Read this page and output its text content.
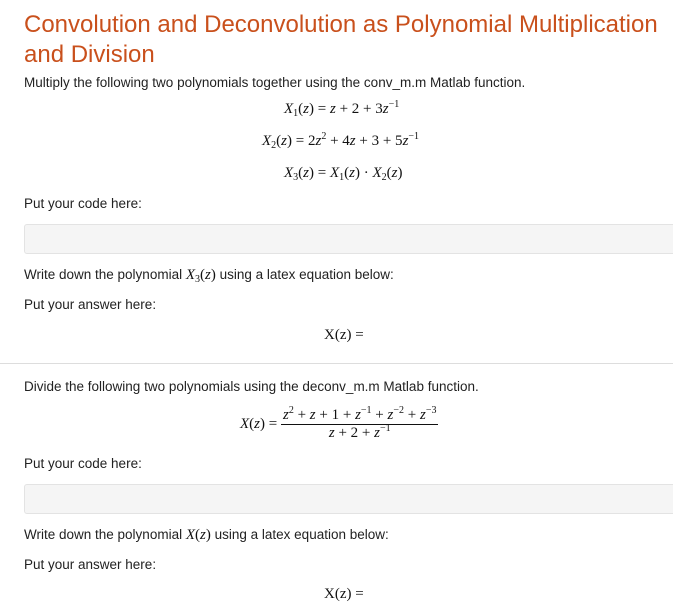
Convolution and Deconvolution as Polynomial Multiplication and Division
Multiply the following two polynomials together using the conv_m.m Matlab function.
$X_1(z) = z + 2 + 3z^{-1}$
$X_2(z) = 2z^2 + 4z + 3 + 5z^{-1}$
$X_3(z) = X_1(z) \cdot X_2(z)$
Put your code here:
Write down the polynomial $X_3(z)$ using a latex equation below:
Put your answer here:
X(z) =
Divide the following two polynomials using the deconv_m.m Matlab function.
$X(z) = \frac{z^2 + z + 1 + z^{-1} + z^{-2} + z^{-3}}{z + 2 + z^{-1}}$
Put your code here:
Write down the polynomial X(z) using a latex equation below:
Put your answer here:
X(z) =
